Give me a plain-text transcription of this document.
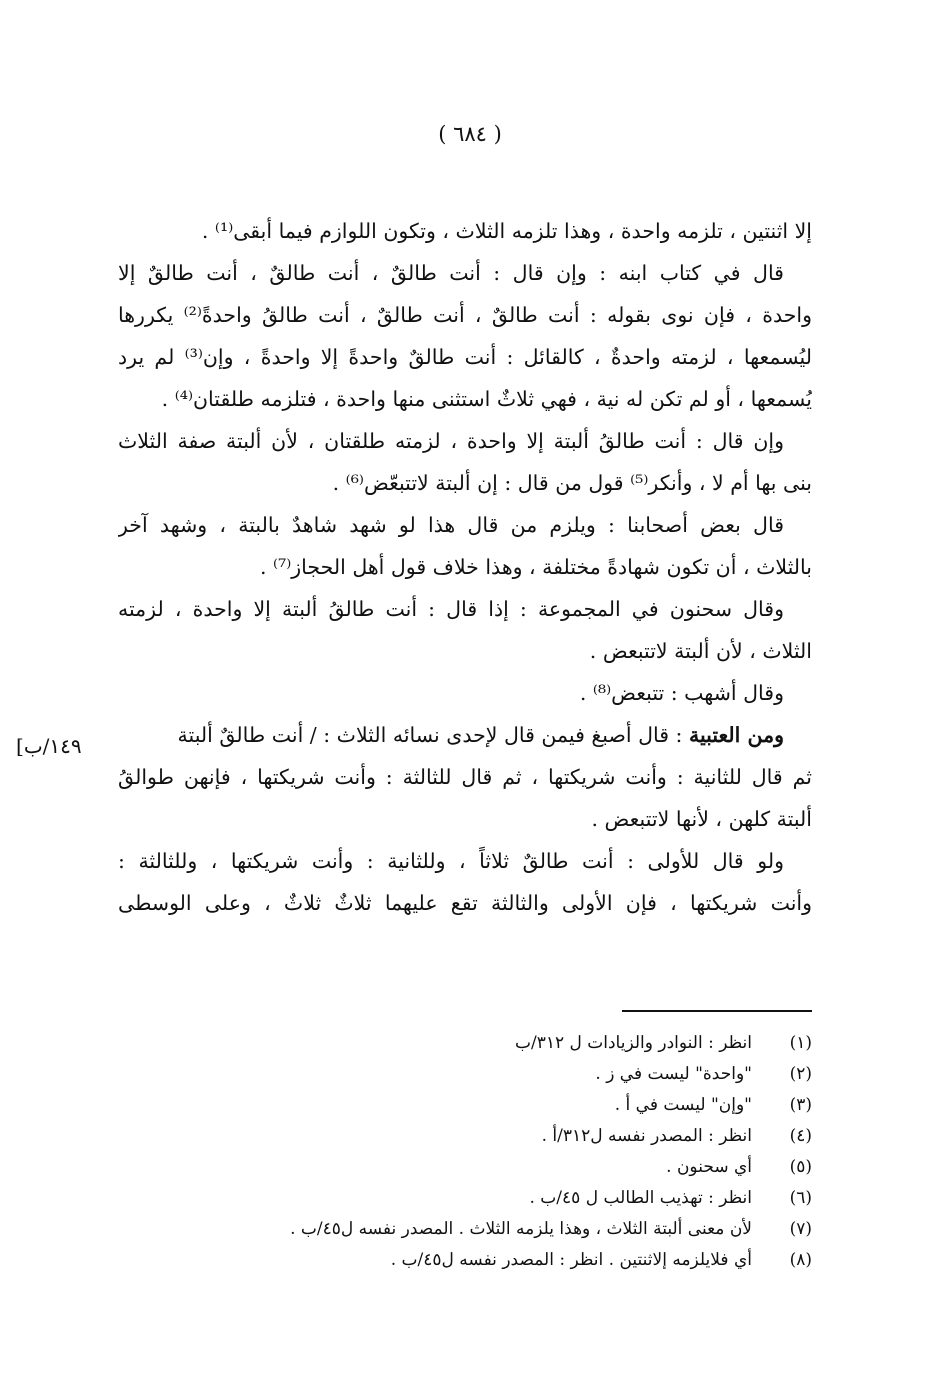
( ٦٨٤ )
[١٤٩/ب
إلا اثنتين ، تلزمه واحدة ، وهذا تلزمه الثلاث ، وتكون اللوازم فيما أبقى⁽¹⁾ .
قال في كتاب ابنه : وإن قال : أنت طالقٌ ، أنت طالقٌ ، أنت طالقٌ إلا
واحدة ، فإن نوى بقوله : أنت طالقٌ ، أنت طالقٌ ، أنت طالقُ واحدةً⁽²⁾ يكررها
ليُسمعها ، لزمته واحدةٌ ، كالقائل : أنت طالقٌ واحدةً إلا واحدةً ، وإن⁽³⁾ لم يرد
يُسمعها ، أو لم تكن له نية ، فهي ثلاثٌ استثنى منها واحدة ، فتلزمه طلقتان⁽⁴⁾ .
وإن قال : أنت طالقُ ألبتة إلا واحدة ، لزمته طلقتان ، لأن ألبتة صفة الثلاث
بنى بها أم لا ، وأنكر⁽⁵⁾ قول من قال : إن ألبتة لاتتبعّض⁽⁶⁾ .
قال بعض أصحابنا : ويلزم من قال هذا لو شهد شاهدٌ بالبتة ، وشهد آخر
بالثلاث ، أن تكون شهادةً مختلفة ، وهذا خلاف قول أهل الحجاز⁽⁷⁾ .
وقال سحنون في المجموعة : إذا قال : أنت طالقُ ألبتة إلا واحدة ، لزمته
الثلاث ، لأن ألبتة لاتتبعض .
وقال أشهب : تتبعض⁽⁸⁾ .
ومن العتبية : قال أصبغ فيمن قال لإحدى نسائه الثلاث : / أنت طالقٌ ألبتة
ثم قال للثانية : وأنت شريكتها ، ثم قال للثالثة : وأنت شريكتها ، فإنهن طوالقُ
ألبتة كلهن ، لأنها لاتتبعض .
ولو قال للأولى : أنت طالقٌ ثلاثاً ، وللثانية : وأنت شريكتها ، وللثالثة :
وأنت شريكتها ، فإن الأولى والثالثة تقع عليهما ثلاثٌ ثلاثٌ ، وعلى الوسطى
(١)
انظر : النوادر والزيادات ل ٣١٢/ب
(٢)
"واحدة" ليست في ز .
(٣)
"وإن" ليست في أ .
(٤)
انظر : المصدر نفسه ل٣١٢/أ .
(٥)
أي سحنون .
(٦)
انظر : تهذيب الطالب ل ٤٥/ب .
(٧)
لأن معنى ألبتة الثلاث ، وهذا يلزمه الثلاث . المصدر نفسه ل٤٥/ب .
(٨)
أي فلايلزمه إلاثنتين . انظر : المصدر نفسه ل٤٥/ب .
